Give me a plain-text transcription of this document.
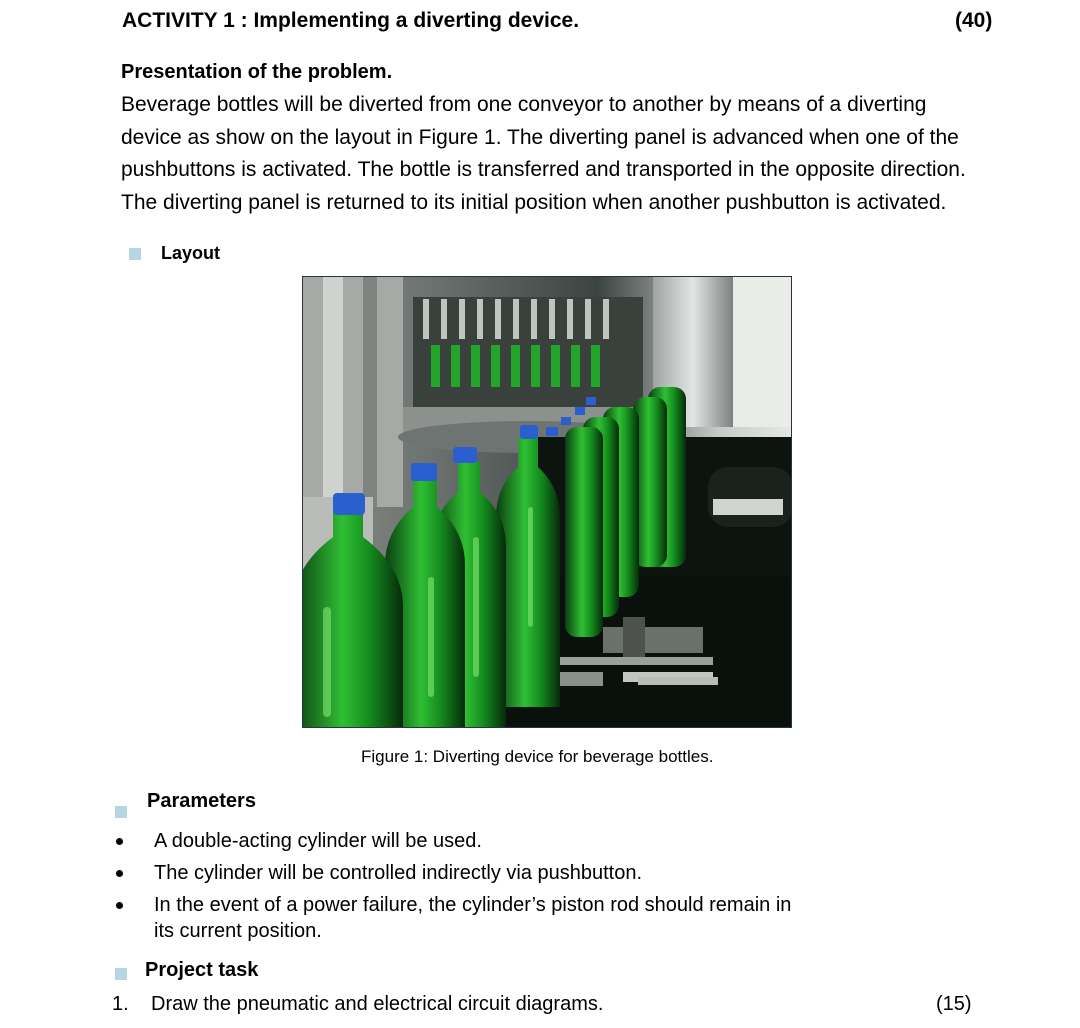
ACTIVITY 1 : Implementing a diverting device.	(40)
Presentation of the problem.
Beverage bottles will be diverted from one conveyor to another by means of a diverting
device as show on the layout in Figure 1. The diverting panel is advanced when one of the
pushbuttons is activated. The bottle is transferred and transported in the opposite direction.
The diverting panel is returned to its initial position when another pushbutton is activated.
Layout
Figure 1: Diverting device for beverage bottles.
Parameters
A double-acting cylinder will be used.
The cylinder will be controlled indirectly via pushbutton.
In the event of a power failure, the cylinder’s piston rod should remain in
its current position.
Project task
1. Draw the pneumatic and electrical circuit diagrams.	(15)
